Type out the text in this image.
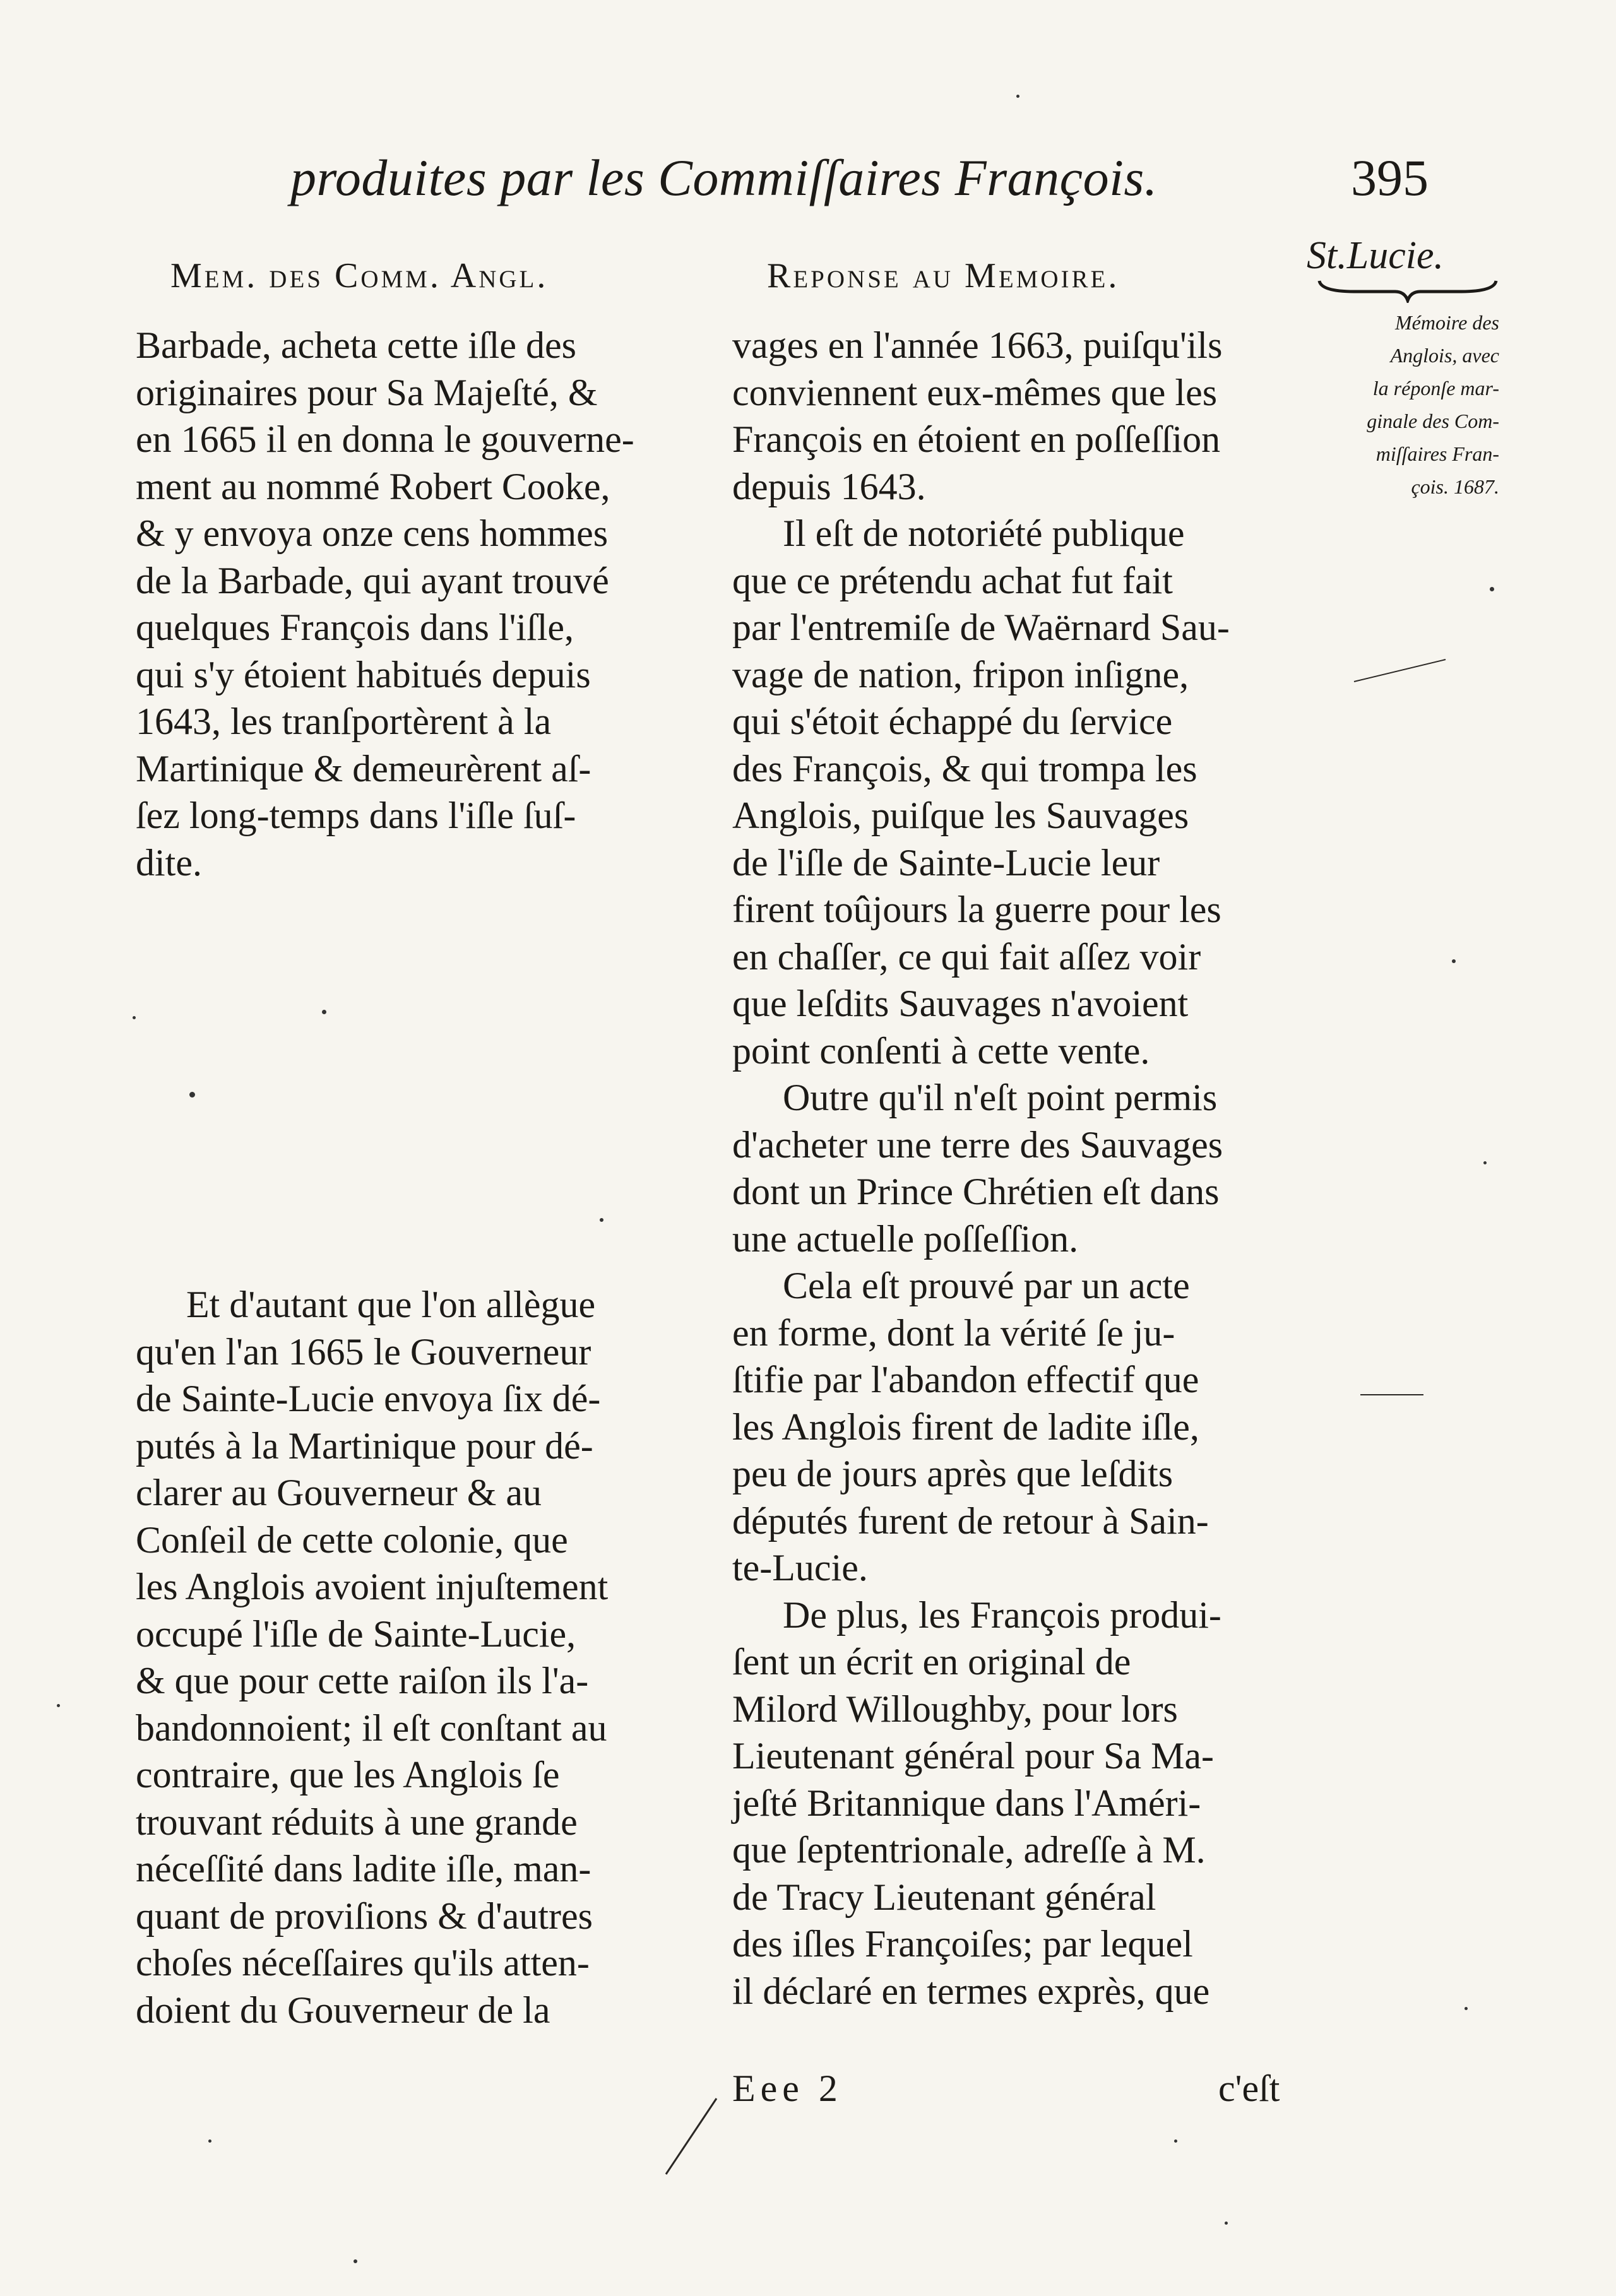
produites par les Commiſſaires François.	395
St.Lucie.
Mémoire des
Anglois, avec
la réponſe mar-
ginale des Com-
miſſaires Fran-
çois. 1687.
Mem. des Comm. Angl.	Reponse au Memoire.
Barbade, acheta cette iſle des
originaires pour Sa Majeſté, &
en 1665 il en donna le gouverne-
ment au nommé Robert Cooke,
& y envoya onze cens hommes
de la Barbade, qui ayant trouvé
quelques François dans l'iſle,
qui s'y étoient habitués depuis
1643, les tranſportèrent à la
Martinique & demeurèrent aſ-
ſez long-temps dans l'iſle ſuſ-
dite.
Et d'autant que l'on allègue
qu'en l'an 1665 le Gouverneur
de Sainte-Lucie envoya ſix dé-
putés à la Martinique pour dé-
clarer au Gouverneur & au
Conſeil de cette colonie, que
les Anglois avoient injuſtement
occupé l'iſle de Sainte-Lucie,
& que pour cette raiſon ils l'a-
bandonnoient; il eſt conſtant au
contraire, que les Anglois ſe
trouvant réduits à une grande
néceſſité dans ladite iſle, man-
quant de proviſions & d'autres
choſes néceſſaires qu'ils atten-
doient du Gouverneur de la
vages en l'année 1663, puiſqu'ils
conviennent eux-mêmes que les
François en étoient en poſſeſſion
depuis 1643.
Il eſt de notoriété publique
que ce prétendu achat fut fait
par l'entremiſe de Waërnard Sau-
vage de nation, fripon inſigne,
qui s'étoit échappé du ſervice
des François, & qui trompa les
Anglois, puiſque les Sauvages
de l'iſle de Sainte-Lucie leur
firent toûjours la guerre pour les
en chaſſer, ce qui fait aſſez voir
que leſdits Sauvages n'avoient
point conſenti à cette vente.
Outre qu'il n'eſt point permis
d'acheter une terre des Sauvages
dont un Prince Chrétien eſt dans
une actuelle poſſeſſion.
Cela eſt prouvé par un acte
en forme, dont la vérité ſe ju-
ſtifie par l'abandon effectif que
les Anglois firent de ladite iſle,
peu de jours après que leſdits
députés furent de retour à Sain-
te-Lucie.
De plus, les François produi-
ſent un écrit en original de
Milord Willoughby, pour lors
Lieutenant général pour Sa Ma-
jeſté Britannique dans l'Améri-
que ſeptentrionale, adreſſe à M.
de Tracy Lieutenant général
des iſles Françoiſes; par lequel
il déclaré en termes exprès, que
Eee 2	c'eſt
